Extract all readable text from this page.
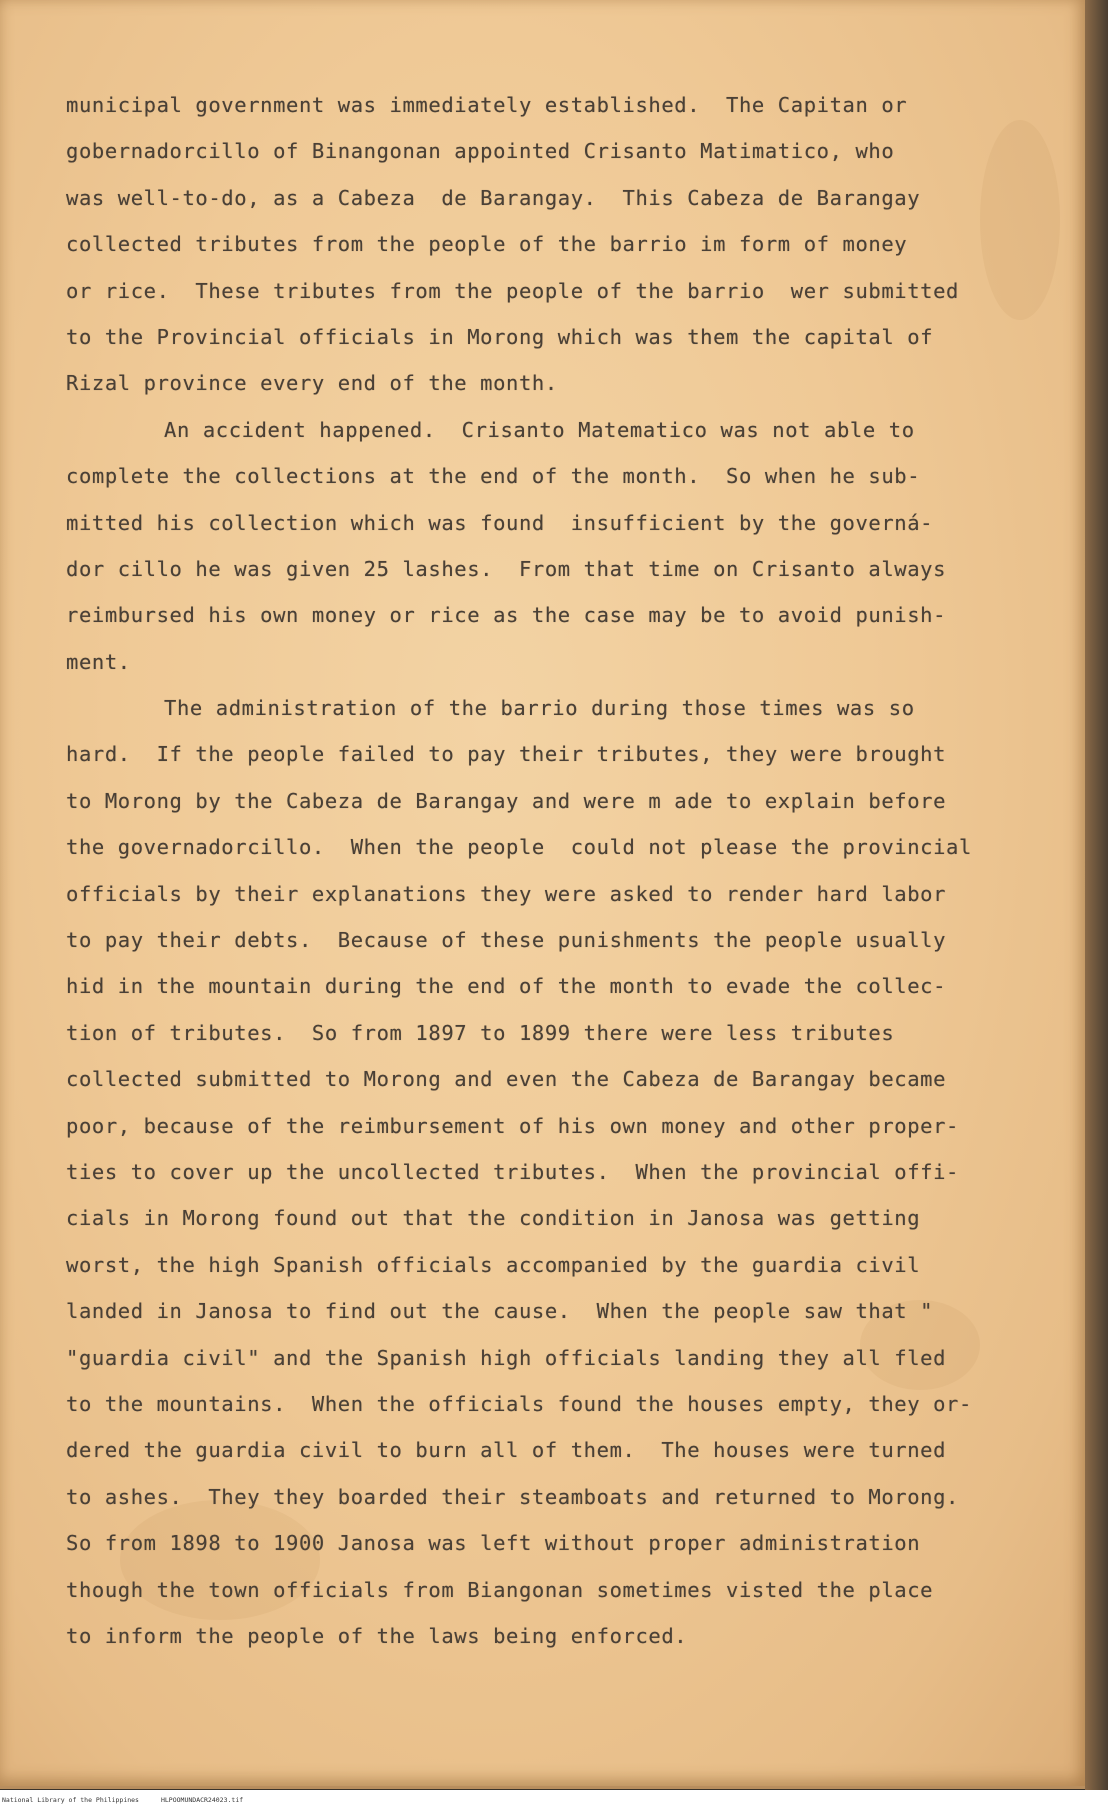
municipal government was immediately established.  The Capitan or
gobernadorcillo of Binangonan appointed Crisanto Matimatico, who
was well-to-do, as a Cabeza  de Barangay.  This Cabeza de Barangay
collected tributes from the people of the barrio im form of money
or rice.  These tributes from the people of the barrio  wer submitted
to the Provincial officials in Morong which was them the capital of
Rizal province every end of the month.
An accident happened.  Crisanto Matematico was not able to
complete the collections at the end of the month.  So when he sub-
mitted his collection which was found  insufficient by the governá-
dor cillo he was given 25 lashes.  From that time on Crisanto always
reimbursed his own money or rice as the case may be to avoid punish-
ment.
The administration of the barrio during those times was so
hard.  If the people failed to pay their tributes, they were brought
to Morong by the Cabeza de Barangay and were m ade to explain before
the governadorcillo.  When the people  could not please the provincial
officials by their explanations they were asked to render hard labor
to pay their debts.  Because of these punishments the people usually
hid in the mountain during the end of the month to evade the collec-
tion of tributes.  So from 1897 to 1899 there were less tributes
collected submitted to Morong and even the Cabeza de Barangay became
poor, because of the reimbursement of his own money and other proper-
ties to cover up the uncollected tributes.  When the provincial offi-
cials in Morong found out that the condition in Janosa was getting
worst, the high Spanish officials accompanied by the guardia civil
landed in Janosa to find out the cause.  When the people saw that "
"guardia civil" and the Spanish high officials landing they all fled
to the mountains.  When the officials found the houses empty, they or-
dered the guardia civil to burn all of them.  The houses were turned
to ashes.  They they boarded their steamboats and returned to Morong.
So from 1898 to 1900 Janosa was left without proper administration
though the town officials from Biangonan sometimes visted the place
to inform the people of the laws being enforced.
National Library of the Philippines	HLPOOMUNDACR24023.tif
